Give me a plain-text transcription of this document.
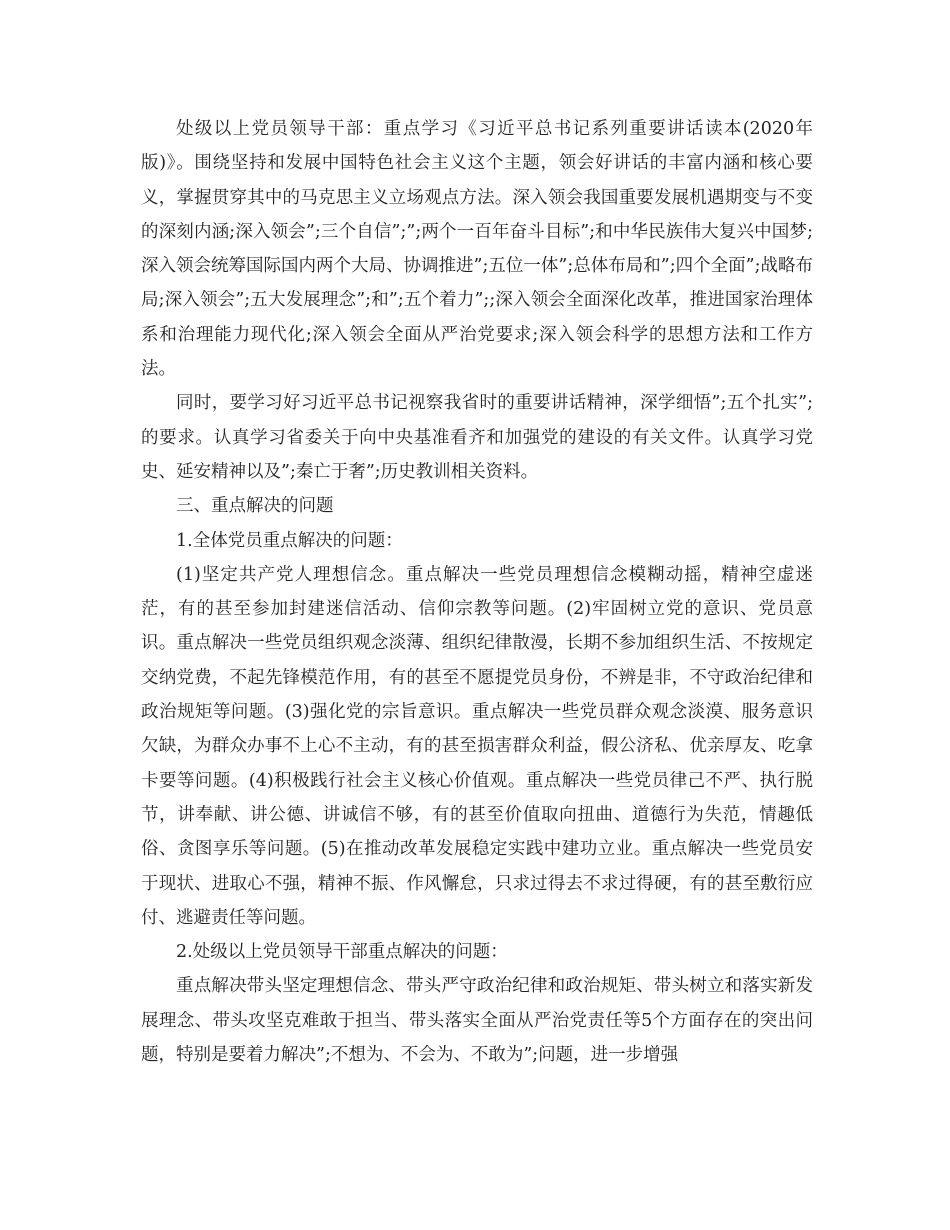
处级以上党员领导干部：重点学习《习近平总书记系列重要讲话读本(2020年版)》。围绕坚持和发展中国特色社会主义这个主题，领会好讲话的丰富内涵和核心要义，掌握贯穿其中的马克思主义立场观点方法。深入领会我国重要发展机遇期变与不变的深刻内涵;深入领会”;三个自信”;”;两个一百年奋斗目标”;和中华民族伟大复兴中国梦;深入领会统筹国际国内两个大局、协调推进”;五位一体”;总体布局和”;四个全面”;战略布局;深入领会”;五大发展理念”;和”;五个着力”;;深入领会全面深化改革，推进国家治理体系和治理能力现代化;深入领会全面从严治党要求;深入领会科学的思想方法和工作方法。

同时，要学习好习近平总书记视察我省时的重要讲话精神，深学细悟”;五个扎实”;的要求。认真学习省委关于向中央基准看齐和加强党的建设的有关文件。认真学习党史、延安精神以及”;秦亡于奢”;历史教训相关资料。

三、重点解决的问题

1.全体党员重点解决的问题：

(1)坚定共产党人理想信念。重点解决一些党员理想信念模糊动摇，精神空虚迷茫，有的甚至参加封建迷信活动、信仰宗教等问题。(2)牢固树立党的意识、党员意识。重点解决一些党员组织观念淡薄、组织纪律散漫，长期不参加组织生活、不按规定交纳党费，不起先锋模范作用，有的甚至不愿提党员身份，不辨是非，不守政治纪律和政治规矩等问题。(3)强化党的宗旨意识。重点解决一些党员群众观念淡漠、服务意识欠缺，为群众办事不上心不主动，有的甚至损害群众利益，假公济私、优亲厚友、吃拿卡要等问题。(4)积极践行社会主义核心价值观。重点解决一些党员律己不严、执行脱节，讲奉献、讲公德、讲诚信不够，有的甚至价值取向扭曲、道德行为失范，情趣低俗、贪图享乐等问题。(5)在推动改革发展稳定实践中建功立业。重点解决一些党员安于现状、进取心不强，精神不振、作风懈怠，只求过得去不求过得硬，有的甚至敷衍应付、逃避责任等问题。

2.处级以上党员领导干部重点解决的问题：

重点解决带头坚定理想信念、带头严守政治纪律和政治规矩、带头树立和落实新发展理念、带头攻坚克难敢于担当、带头落实全面从严治党责任等5个方面存在的突出问题，特别是要着力解决”;不想为、不会为、不敢为”;问题，进一步增强
